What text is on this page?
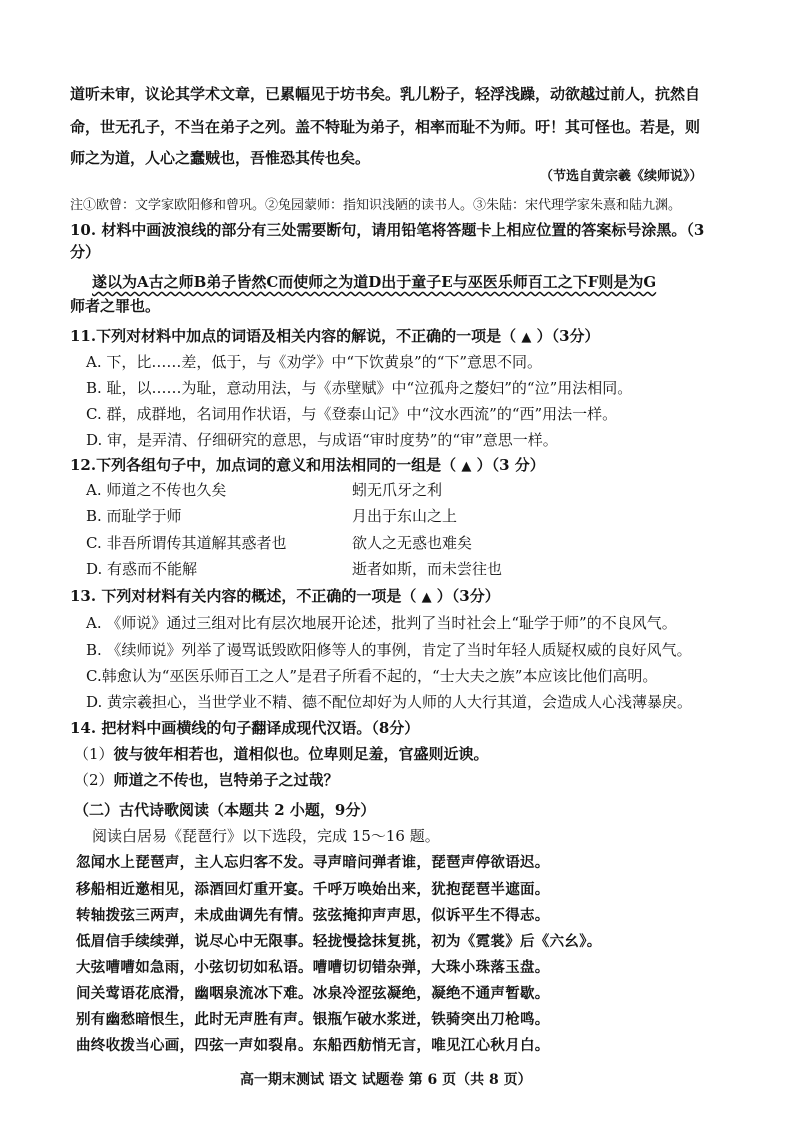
道听未审，议论其学术文章，已累幅见于坊书矣。乳儿粉子，轻浮浅躁，动欲越过前人，抗然自
命，世无孔子，不当在弟子之列。盖不特耻为弟子，相率而耻不为师。吁！其可怪也。若是，则
师之为道，人心之蠢贼也，吾惟恐其传也矣。
（节选自黄宗羲《续师说》）
注①欧曾：文学家欧阳修和曾巩。②兔园蒙师：指知识浅陋的读书人。③朱陆：宋代理学家朱熹和陆九渊。
10. 材料中画波浪线的部分有三处需要断句，请用铅笔将答题卡上相应位置的答案标号涂黑。（3
分）
遂以为A古之师B弟子皆然C而使师之为道D出于童子E与巫医乐师百工之下F则是为G
师者之罪也。
11.下列对材料中加点的词语及相关内容的解说，不正确的一项是（ ▲ ）（3分）
A. 下，比……差，低于，与《劝学》中“下饮黄泉”的“下”意思不同。
B. 耻，以……为耻，意动用法，与《赤壁赋》中“泣孤舟之嫠妇”的“泣”用法相同。
C. 群，成群地，名词用作状语，与《登泰山记》中“汶水西流”的“西”用法一样。
D. 审，是弄清、仔细研究的意思，与成语“审时度势”的“审”意思一样。
12.下列各组句子中，加点词的意义和用法相同的一组是（ ▲ ）（3 分）
A. 师道之不传也久矣	蚓无爪牙之利
B. 而耻学于师	月出于东山之上
C. 非吾所谓传其道解其惑者也	欲人之无惑也难矣
D. 有惑而不能解	逝者如斯，而未尝往也
13. 下列对材料有关内容的概述，不正确的一项是（ ▲ ）（3分）
A. 《师说》通过三组对比有层次地展开论述，批判了当时社会上“耻学于师”的不良风气。
B. 《续师说》列举了谩骂诋毁欧阳修等人的事例，肯定了当时年轻人质疑权威的良好风气。
C.韩愈认为“巫医乐师百工之人”是君子所看不起的，“士大夫之族”本应该比他们高明。
D. 黄宗羲担心，当世学业不精、德不配位却好为人师的人大行其道，会造成人心浅薄暴戾。
14. 把材料中画横线的句子翻译成现代汉语。（8分）
（1）彼与彼年相若也，道相似也。位卑则足羞，官盛则近谀。
（2）师道之不传也，岂特弟子之过哉？
（二）古代诗歌阅读（本题共 2 小题，9分）
阅读白居易《琵琶行》以下选段，完成 15～16 题。
忽闻水上琵琶声，主人忘归客不发。寻声暗问弹者谁，琵琶声停欲语迟。
移船相近邀相见，添酒回灯重开宴。千呼万唤始出来，犹抱琵琶半遮面。
转轴拨弦三两声，未成曲调先有情。弦弦掩抑声声思，似诉平生不得志。
低眉信手续续弹，说尽心中无限事。轻拢慢捻抹复挑，初为《霓裳》后《六幺》。
大弦嘈嘈如急雨，小弦切切如私语。嘈嘈切切错杂弹，大珠小珠落玉盘。
间关莺语花底滑，幽咽泉流冰下难。冰泉冷涩弦凝绝，凝绝不通声暂歇。
别有幽愁暗恨生，此时无声胜有声。银瓶乍破水浆迸，铁骑突出刀枪鸣。
曲终收拨当心画，四弦一声如裂帛。东船西舫悄无言，唯见江心秋月白。
高一期末测试 语文 试题卷 第 6 页（共 8 页）
